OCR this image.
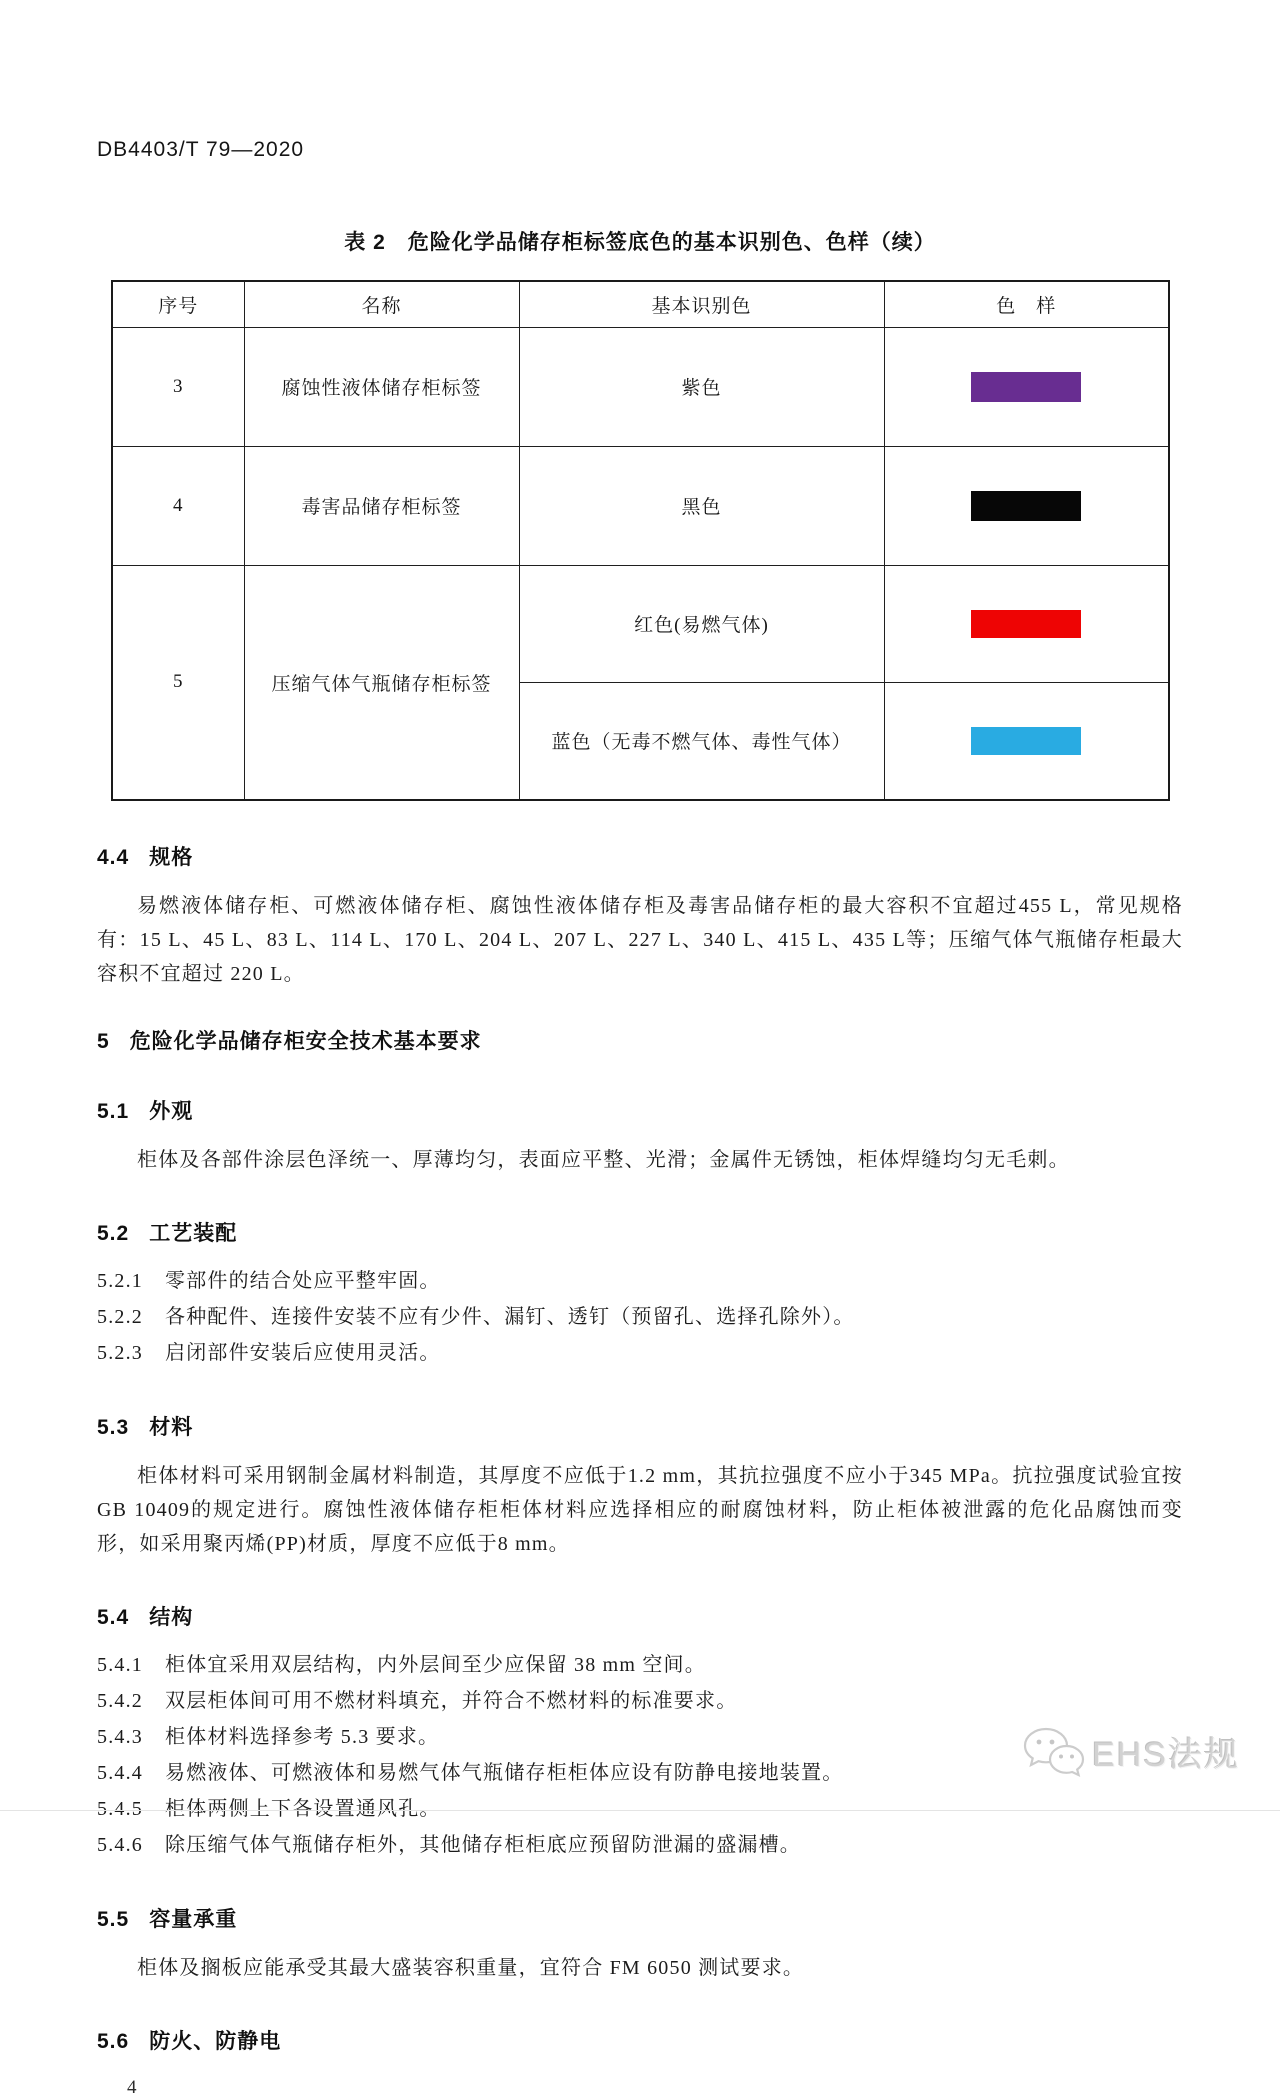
DB4403/T 79—2020
表 2　危险化学品储存柜标签底色的基本识别色、色样（续）
序号	名称	基本识别色	色　样
3	腐蚀性液体储存柜标签	紫色	

4	毒害品储存柜标签	黑色	

5	压缩气体气瓶储存柜标签	红色(易燃气体)	

		蓝色（无毒不燃气体、毒性气体）	

4.4 规格

易燃液体储存柜、可燃液体储存柜、腐蚀性液体储存柜及毒害品储存柜的最大容积不宜超过455 L，常见规格有：15 L、45 L、83 L、114 L、170 L、204 L、207 L、227 L、340 L、415 L、435 L等；压缩气体气瓶储存柜最大容积不宜超过 220 L。

5 危险化学品储存柜安全技术基本要求
5.1 外观

柜体及各部件涂层色泽统一、厚薄均匀，表面应平整、光滑；金属件无锈蚀，柜体焊缝均匀无毛刺。

5.2 工艺装配
5.2.1 零部件的结合处应平整牢固。
5.2.2 各种配件、连接件安装不应有少件、漏钉、透钉（预留孔、选择孔除外）。
5.2.3 启闭部件安装后应使用灵活。
5.3 材料

柜体材料可采用钢制金属材料制造，其厚度不应低于1.2 mm，其抗拉强度不应小于345 MPa。抗拉强度试验宜按GB 10409的规定进行。腐蚀性液体储存柜柜体材料应选择相应的耐腐蚀材料，防止柜体被泄露的危化品腐蚀而变形，如采用聚丙烯(PP)材质，厚度不应低于8 mm。

5.4 结构
5.4.1 柜体宜采用双层结构，内外层间至少应保留 38 mm 空间。
5.4.2 双层柜体间可用不燃材料填充，并符合不燃材料的标准要求。
5.4.3 柜体材料选择参考 5.3 要求。
5.4.4 易燃液体、可燃液体和易燃气体气瓶储存柜柜体应设有防静电接地装置。
5.4.5 柜体两侧上下各设置通风孔。
5.4.6 除压缩气体气瓶储存柜外，其他储存柜柜底应预留防泄漏的盛漏槽。
5.5 容量承重

柜体及搁板应能承受其最大盛装容积重量，宜符合 FM 6050 测试要求。

5.6 防火、防静电
4
EHS法规
